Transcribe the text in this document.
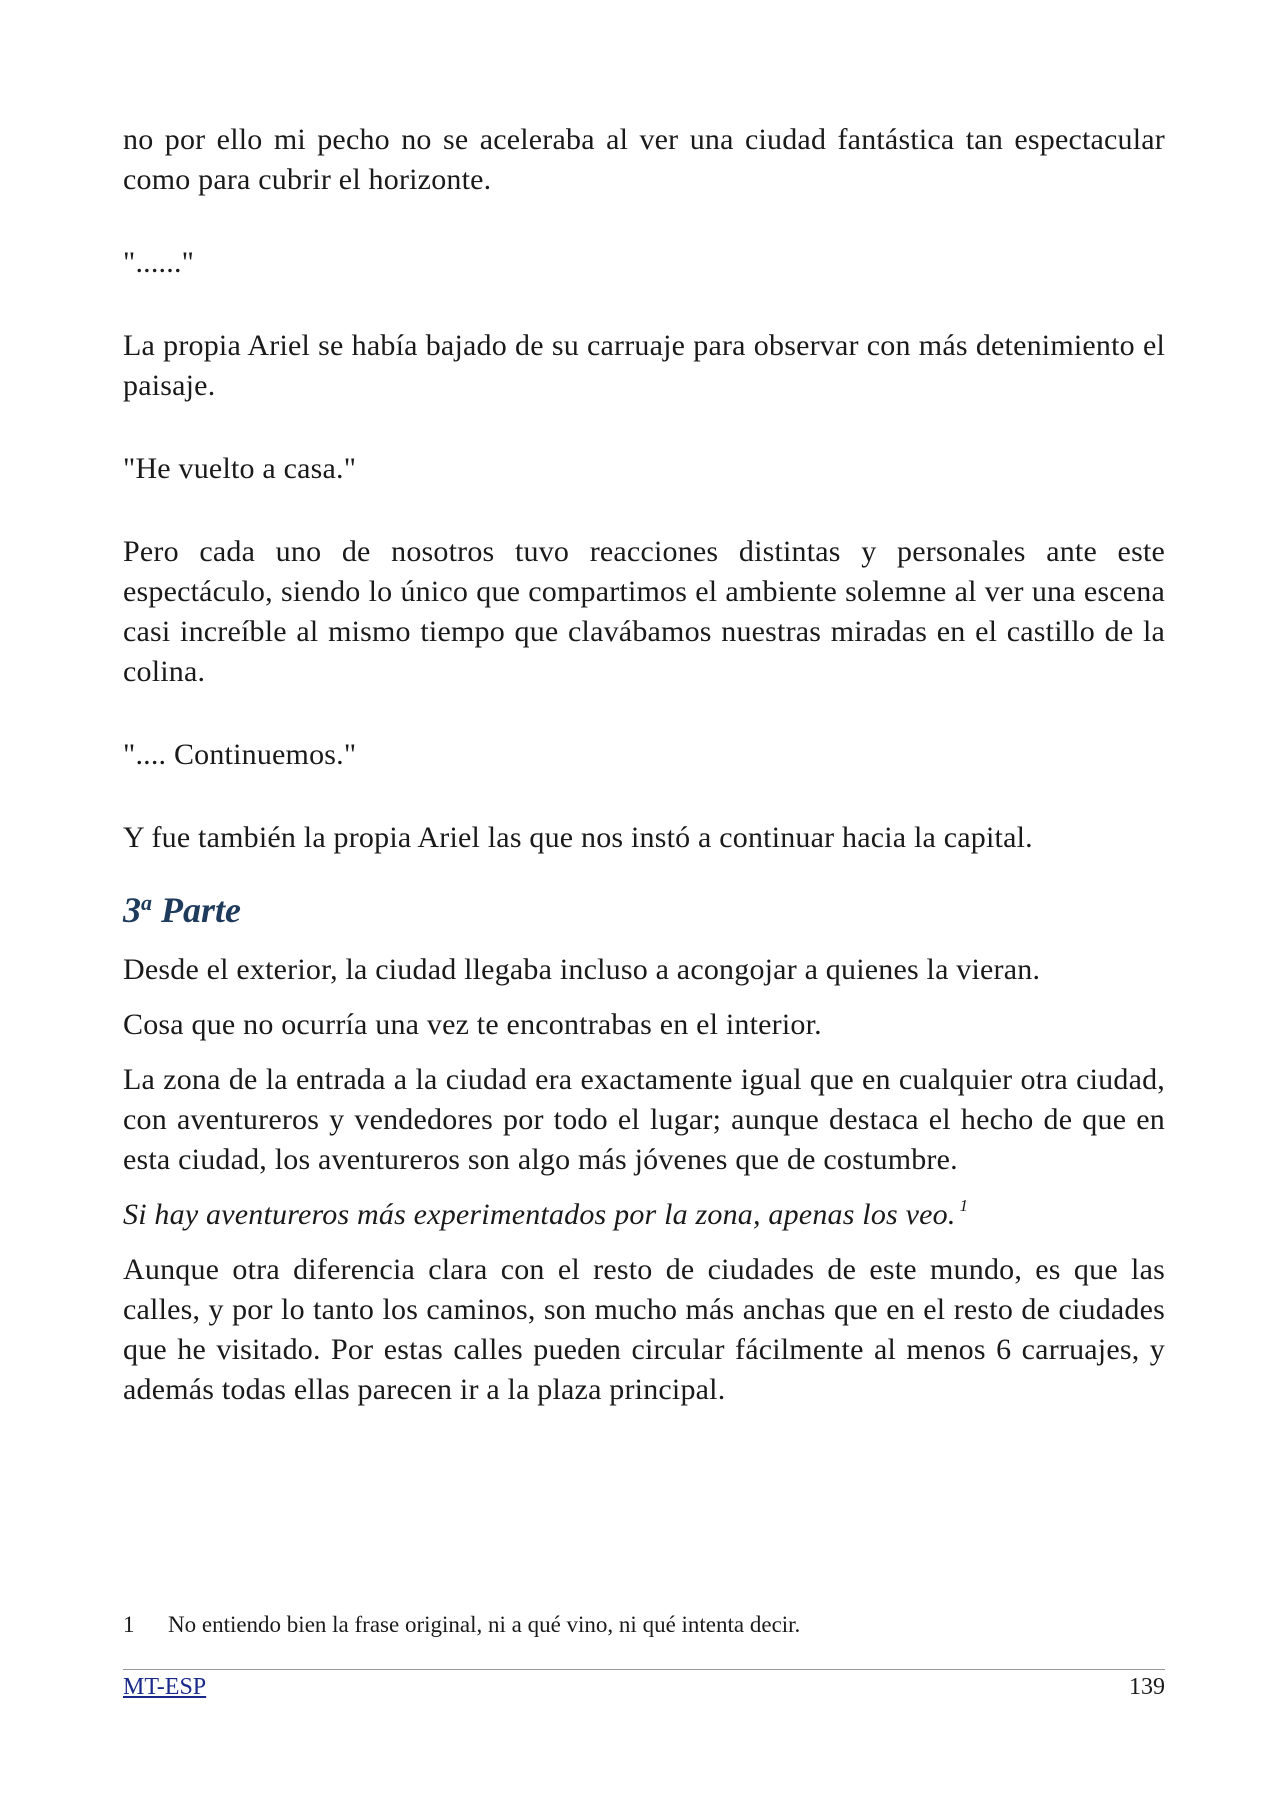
no por ello mi pecho no se aceleraba al ver una ciudad fantástica tan espectacular como para cubrir el horizonte.

"......"

La propia Ariel se había bajado de su carruaje para observar con más detenimiento el paisaje.

"He vuelto a casa."

Pero cada uno de nosotros tuvo reacciones distintas y personales ante este espectáculo, siendo lo único que compartimos el ambiente solemne al ver una escena casi increíble al mismo tiempo que clavábamos nuestras miradas en el castillo de la colina.

".... Continuemos."

Y fue también la propia Ariel las que nos instó a continuar hacia la capital.

3$^a$ Parte

Desde el exterior, la ciudad llegaba incluso a acongojar a quienes la vieran.

Cosa que no ocurría una vez te encontrabas en el interior.

La zona de la entrada a la ciudad era exactamente igual que en cualquier otra ciudad, con aventureros y vendedores por todo el lugar; aunque destaca el hecho de que en esta ciudad, los aventureros son algo más jóvenes que de costumbre.

Si hay aventureros más experimentados por la zona, apenas los veo. $^1$

Aunque otra diferencia clara con el resto de ciudades de este mundo, es que las calles, y por lo tanto los caminos, son mucho más anchas que en el resto de ciudades que he visitado. Por estas calles pueden circular fácilmente al menos 6 carruajes, y además todas ellas parecen ir a la plaza principal.

1	No entiendo bien la frase original, ni a qué vino, ni qué intenta decir.
MT-ESP	139
